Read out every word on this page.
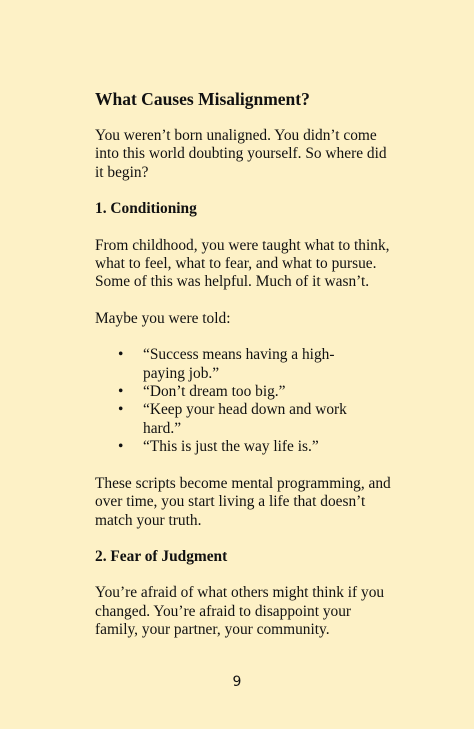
What Causes Misalignment?

You weren’t born unaligned. You didn’t come into this world doubting yourself. So where did it begin?

1. Conditioning

From childhood, you were taught what to think, what to feel, what to fear, and what to pursue. Some of this was helpful. Much of it wasn’t.

Maybe you were told:

• “Success means having a high-paying job.”
• “Don’t dream too big.”
• “Keep your head down and work hard.”
• “This is just the way life is.”

These scripts become mental programming, and over time, you start living a life that doesn’t match your truth.

2. Fear of Judgment

You’re afraid of what others might think if you changed. You’re afraid to disappoint your family, your partner, your community.

9
